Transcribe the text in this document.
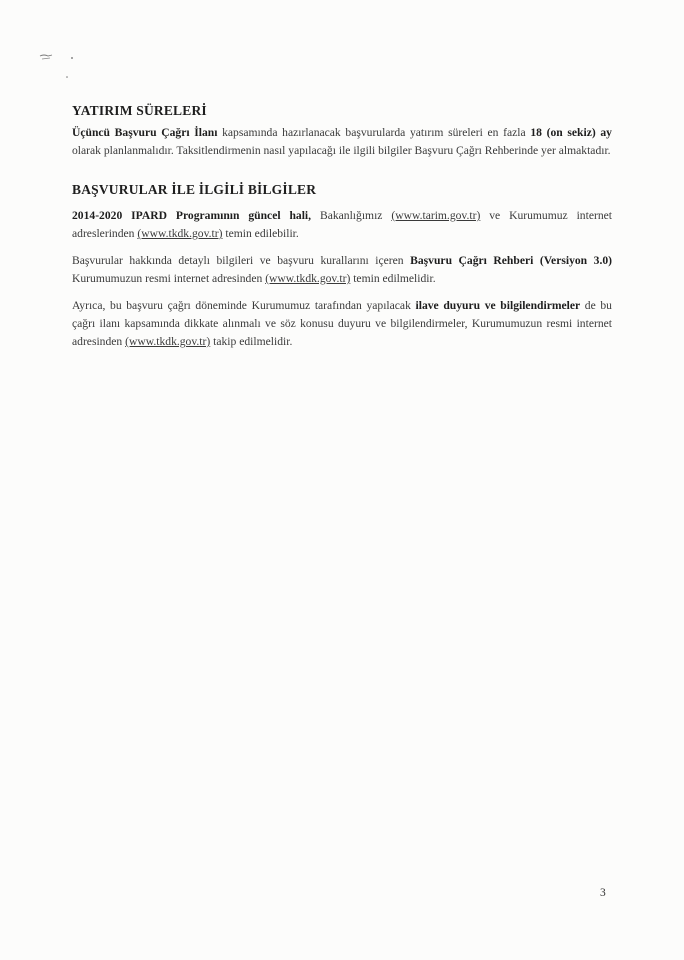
YATIRIM SÜRELERİ

Üçüncü Başvuru Çağrı İlanı kapsamında hazırlanacak başvurularda yatırım süreleri en fazla 18 (on sekiz) ay olarak planlanmalıdır. Taksitlendirmenin nasıl yapılacağı ile ilgili bilgiler Başvuru Çağrı Rehberinde yer almaktadır.

BAŞVURULAR İLE İLGİLİ BİLGİLER

2014-2020 IPARD Programının güncel hali, Bakanlığımız (www.tarim.gov.tr) ve Kurumumuz internet adreslerinden (www.tkdk.gov.tr) temin edilebilir.

Başvurular hakkında detaylı bilgileri ve başvuru kurallarını içeren Başvuru Çağrı Rehberi (Versiyon 3.0) Kurumumuzun resmi internet adresinden (www.tkdk.gov.tr) temin edilmelidir.

Ayrıca, bu başvuru çağrı döneminde Kurumumuz tarafından yapılacak ilave duyuru ve bilgilendirmeler de bu çağrı ilanı kapsamında dikkate alınmalı ve söz konusu duyuru ve bilgilendirmeler, Kurumumuzun resmi internet adresinden (www.tkdk.gov.tr) takip edilmelidir.

3
